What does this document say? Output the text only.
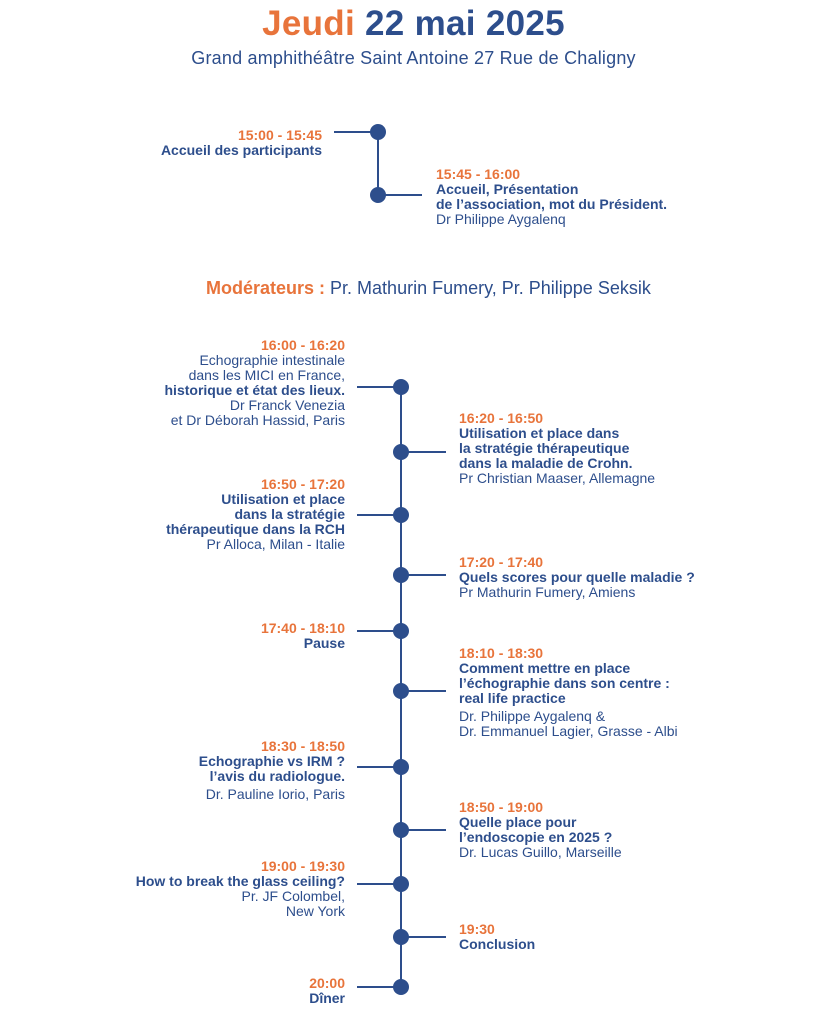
Jeudi 22 mai 2025
Grand amphithéâtre Saint Antoine 27 Rue de Chaligny
15:00 - 15:45
Accueil des participants
15:45 - 16:00
Accueil, Présentation
de l’association, mot du Président.
Dr Philippe Aygalenq
Modérateurs : Pr. Mathurin Fumery, Pr. Philippe Seksik
16:00 - 16:20
Echographie intestinale
dans les MICI en France,
historique et état des lieux.
Dr Franck Venezia
et Dr Déborah Hassid, Paris	16:20 - 16:50
Utilisation et place dans
la stratégie thérapeutique
dans la maladie de Crohn.
Pr Christian Maaser, Allemagne
16:50 - 17:20
Utilisation et place
dans la stratégie
thérapeutique dans la RCH
Pr Alloca, Milan - Italie
17:20 - 17:40
Quels scores pour quelle maladie ?
Pr Mathurin Fumery, Amiens
17:40 - 18:10
Pause
18:10 - 18:30
Comment mettre en place
l’échographie dans son centre :
real life practice
Dr. Philippe Aygalenq &
Dr. Emmanuel Lagier, Grasse - Albi
18:30 - 18:50
Echographie vs IRM ?
l’avis du radiologue.
Dr. Pauline Iorio, Paris
18:50 - 19:00
Quelle place pour
l’endoscopie en 2025 ?
Dr. Lucas Guillo, Marseille
19:00 - 19:30
How to break the glass ceiling?
Pr. JF Colombel,
New York
19:30
Conclusion
20:00
Dîner
